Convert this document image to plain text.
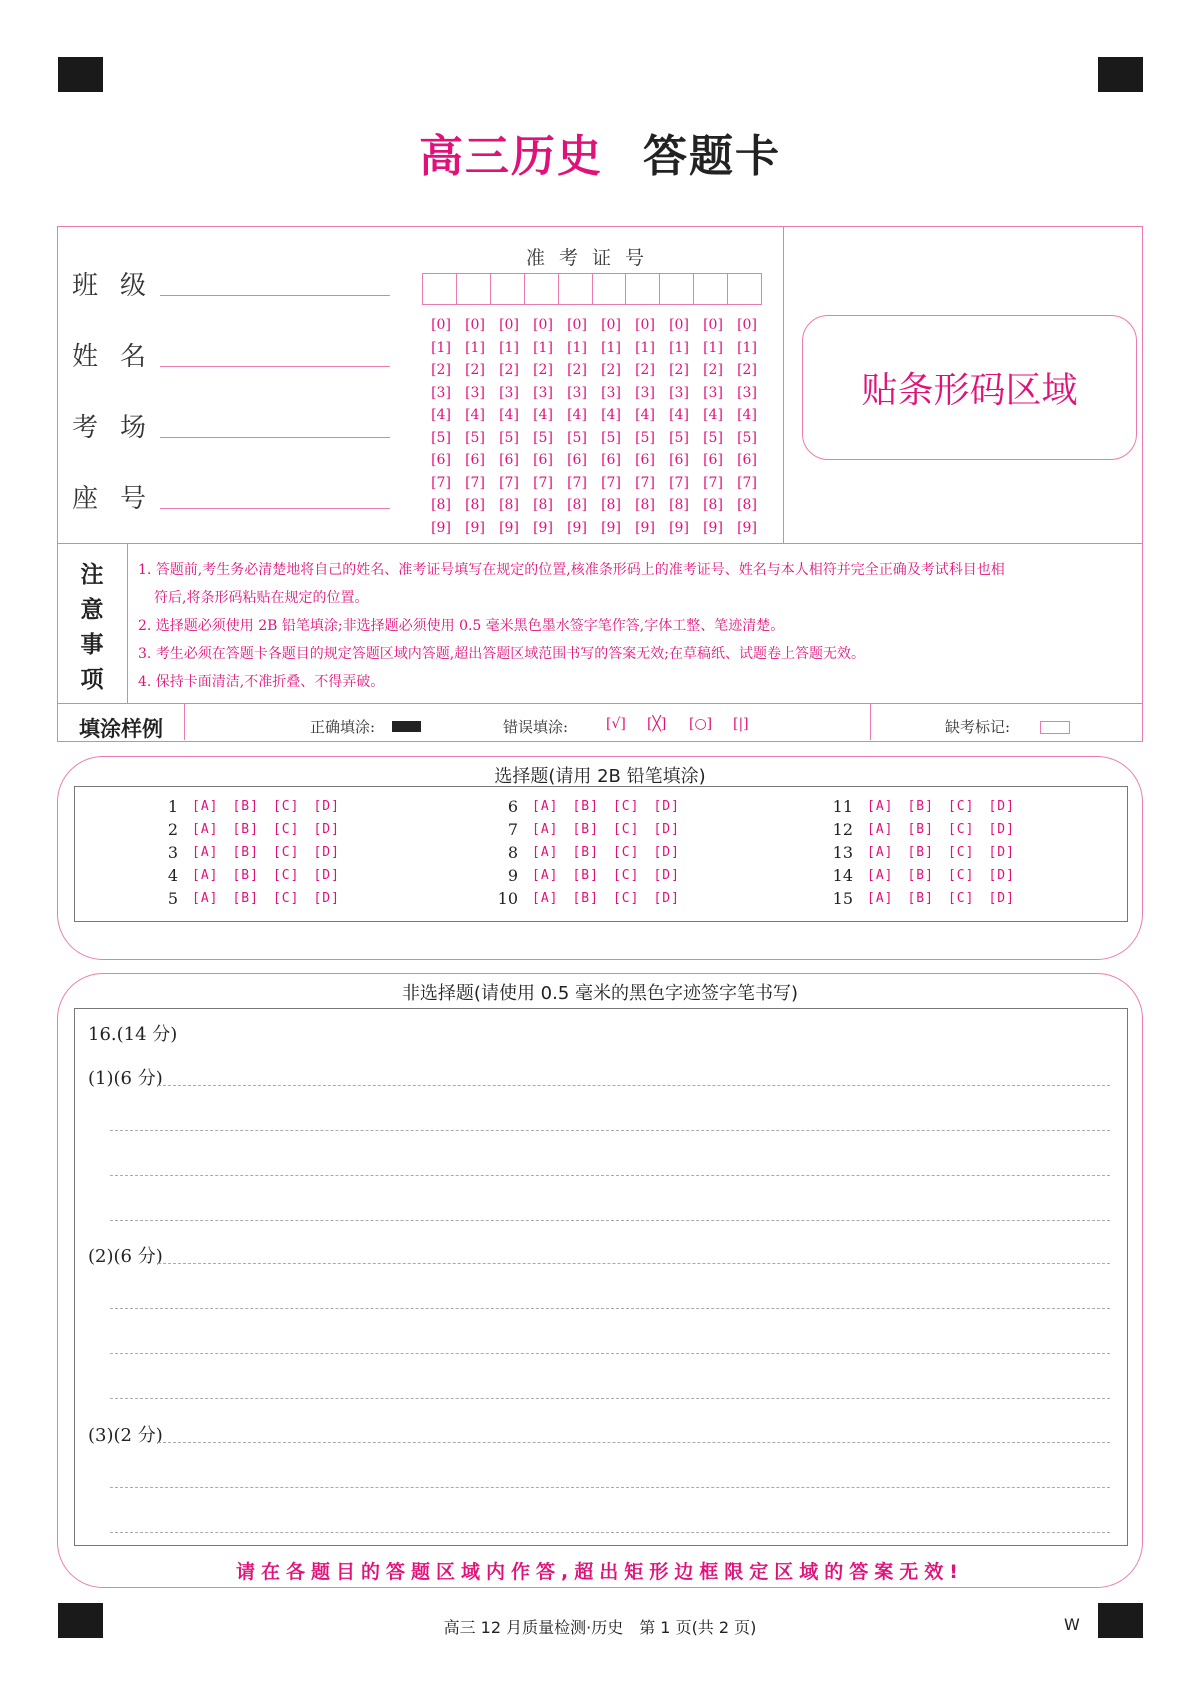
高三历史 答题卡
班级
姓名
考场
座号
准考证号
[0]	[0]	[0]	[0]	[0]	[0]	[0]	[0]	[0]	[0]
[1]	[1]	[1]	[1]	[1]	[1]	[1]	[1]	[1]	[1]
[2]	[2]	[2]	[2]	[2]	[2]	[2]	[2]	[2]	[2]
[3]	[3]	[3]	[3]	[3]	[3]	[3]	[3]	[3]	[3]
[4]	[4]	[4]	[4]	[4]	[4]	[4]	[4]	[4]	[4]
[5]	[5]	[5]	[5]	[5]	[5]	[5]	[5]	[5]	[5]
[6]	[6]	[6]	[6]	[6]	[6]	[6]	[6]	[6]	[6]
[7]	[7]	[7]	[7]	[7]	[7]	[7]	[7]	[7]	[7]
[8]	[8]	[8]	[8]	[8]	[8]	[8]	[8]	[8]	[8]
[9]	[9]	[9]	[9]	[9]	[9]	[9]	[9]	[9]	[9]
贴条形码区域
注
意
事
项

1. 答题前,考生务必清楚地将自己的姓名、准考证号填写在规定的位置,核准条形码上的准考证号、姓名与本人相符并完全正确及考试科目也相

符后,将条形码粘贴在规定的位置。

2. 选择题必须使用 2B 铅笔填涂;非选择题必须使用 0.5 毫米黑色墨水签字笔作答,字体工整、笔迹清楚。

3. 考生必须在答题卡各题目的规定答题区域内答题,超出答题区域范围书写的答案无效;在草稿纸、试题卷上答题无效。

4. 保持卡面清洁,不准折叠、不得弄破。

填涂样例	正确填涂:	错误填涂:	[√] [╳] [○] [|]	缺考标记:
选择题(请用 2B 铅笔填涂)
1 [A] [B] [C] [D]
2 [A] [B] [C] [D]
3 [A] [B] [C] [D]
4 [A] [B] [C] [D]
5 [A] [B] [C] [D]
6 [A] [B] [C] [D]
7 [A] [B] [C] [D]
8 [A] [B] [C] [D]
9 [A] [B] [C] [D]
10 [A] [B] [C] [D]
11 [A] [B] [C] [D]
12 [A] [B] [C] [D]
13 [A] [B] [C] [D]
14 [A] [B] [C] [D]
15 [A] [B] [C] [D]
非选择题(请使用 0.5 毫米的黑色字迹签字笔书写)
16.(14 分)
(1)(6 分)
(2)(6 分)
(3)(2 分)
请在各题目的答题区域内作答,超出矩形边框限定区域的答案无效!
高三 12 月质量检测·历史　第 1 页(共 2 页)	W
